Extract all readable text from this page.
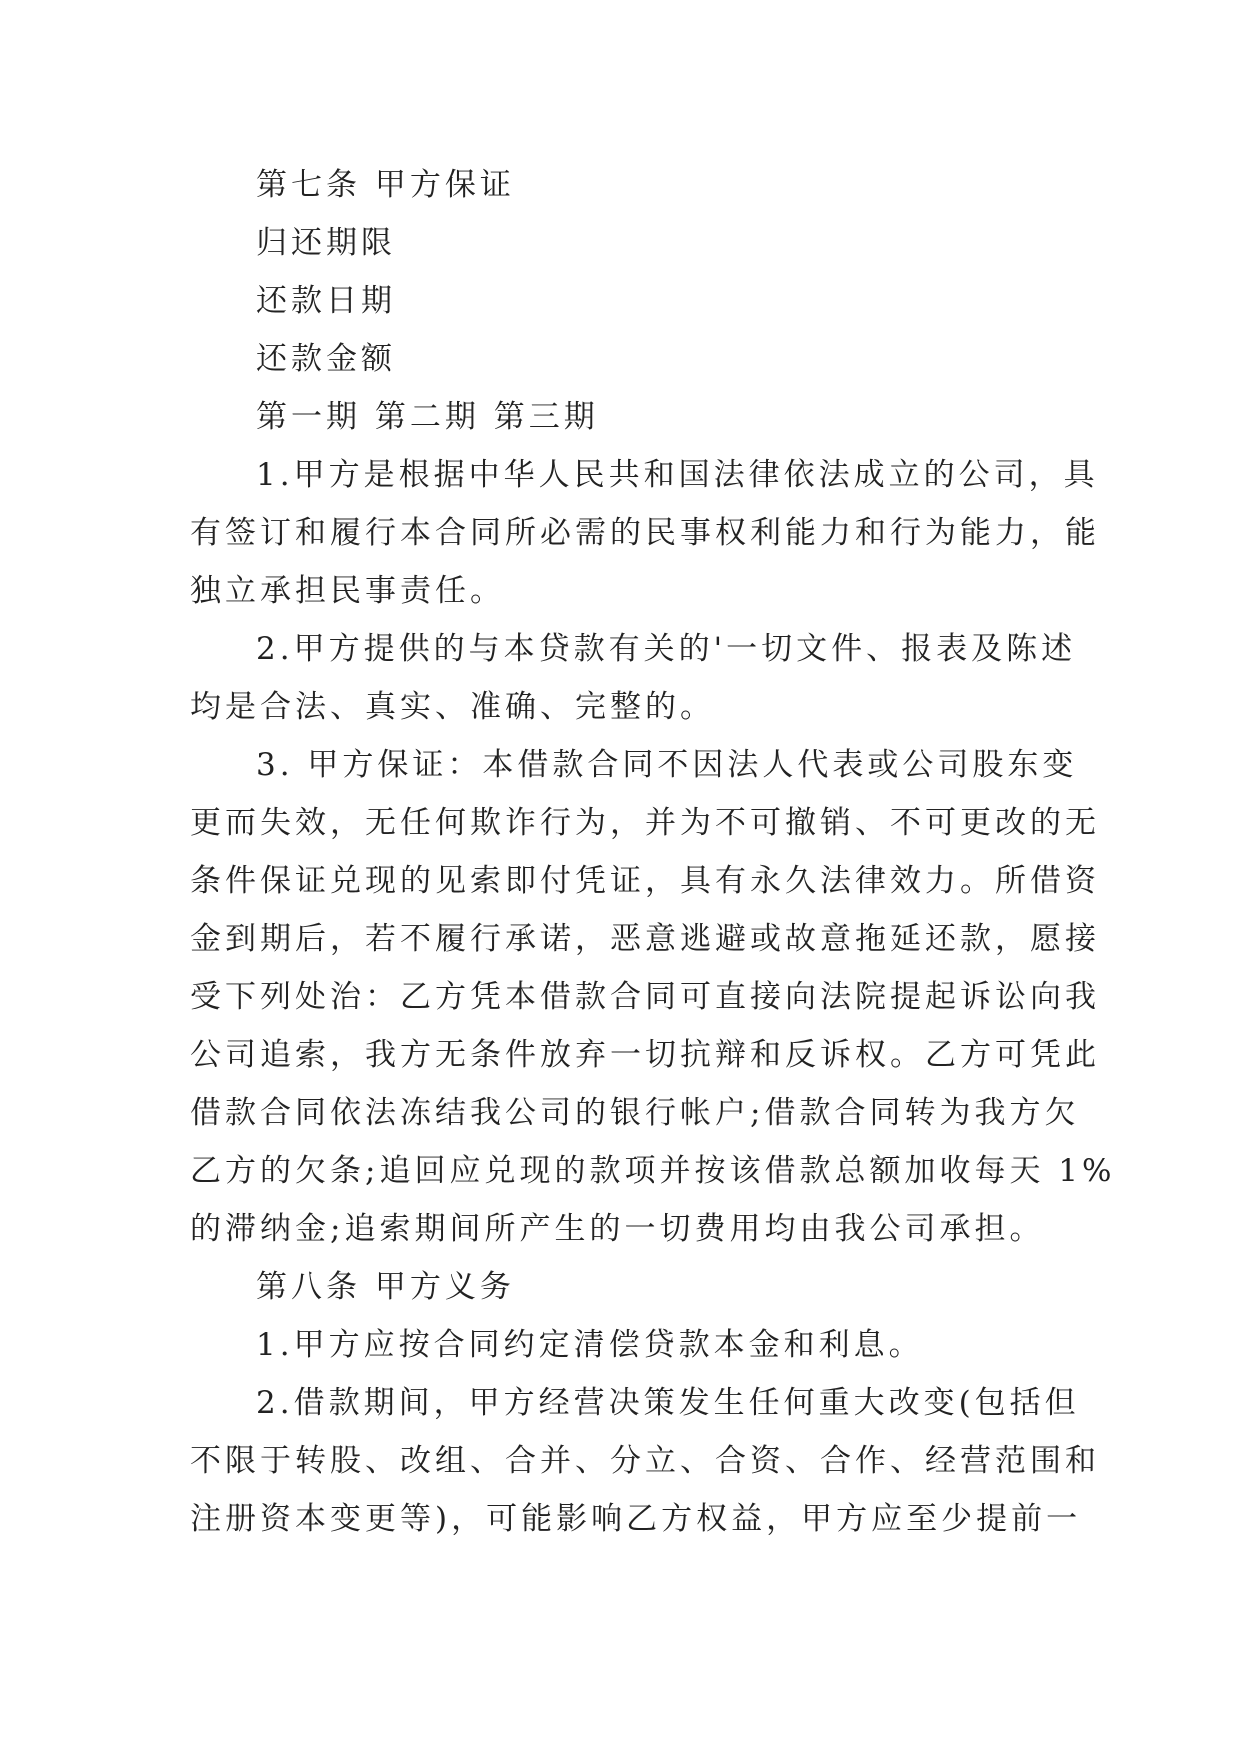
第七条 甲方保证
归还期限
还款日期
还款金额
第一期 第二期 第三期
1.甲方是根据中华人民共和国法律依法成立的公司，具
有签订和履行本合同所必需的民事权利能力和行为能力，能
独立承担民事责任。
2.甲方提供的与本贷款有关的'一切文件、报表及陈述
均是合法、真实、准确、完整的。
3. 甲方保证：本借款合同不因法人代表或公司股东变
更而失效，无任何欺诈行为，并为不可撤销、不可更改的无
条件保证兑现的见索即付凭证，具有永久法律效力。所借资
金到期后，若不履行承诺，恶意逃避或故意拖延还款，愿接
受下列处治：乙方凭本借款合同可直接向法院提起诉讼向我
公司追索，我方无条件放弃一切抗辩和反诉权。乙方可凭此
借款合同依法冻结我公司的银行帐户;借款合同转为我方欠
乙方的欠条;追回应兑现的款项并按该借款总额加收每天 1%
的滞纳金;追索期间所产生的一切费用均由我公司承担。
第八条 甲方义务
1.甲方应按合同约定清偿贷款本金和利息。
2.借款期间，甲方经营决策发生任何重大改变(包括但
不限于转股、改组、合并、分立、合资、合作、经营范围和
注册资本变更等)，可能影响乙方权益，甲方应至少提前一
